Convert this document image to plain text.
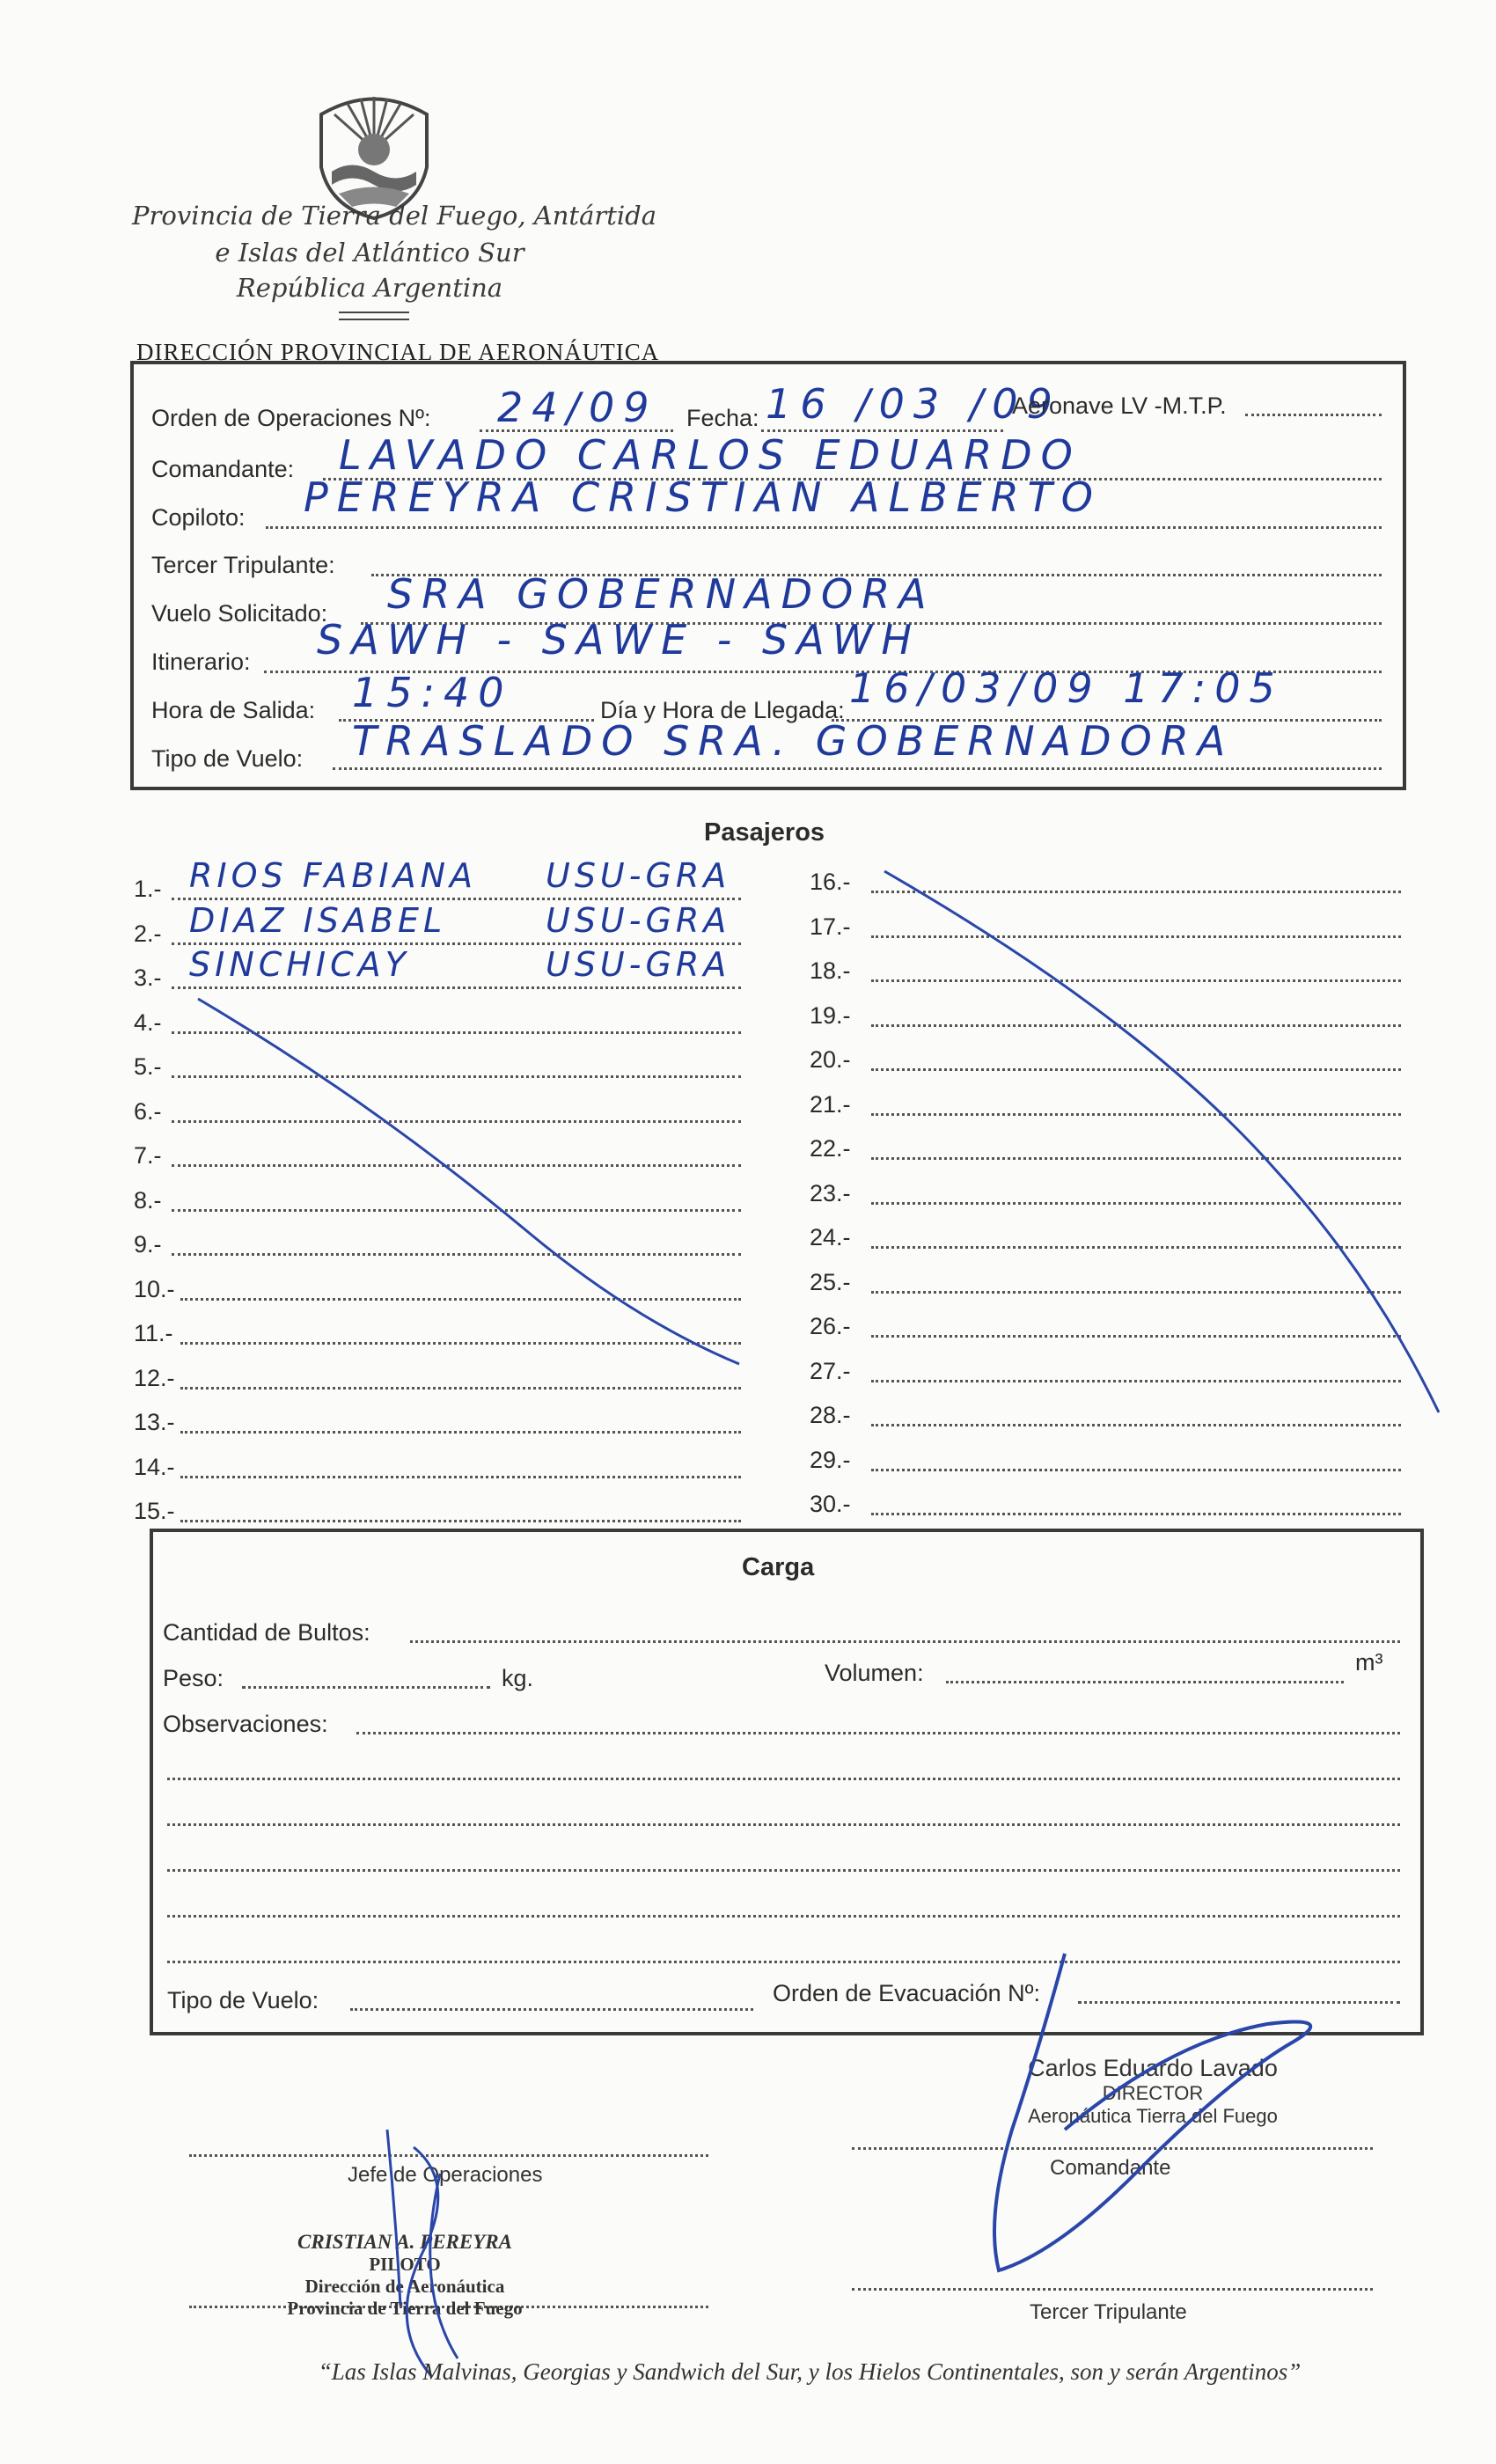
Provincia de Tierra del Fuego, Antártida
e Islas del Atlántico Sur
República Argentina
DIRECCIÓN PROVINCIAL DE AERONÁUTICA
Orden de Operaciones Nº: 24/09 Fecha: 16 /03 /09
Aeronave LV -M.T.P.
Comandante: LAVADO CARLOS EDUARDO
Copiloto: PEREYRA CRISTIAN ALBERTO
Tercer Tripulante:
Vuelo Solicitado: SRA GOBERNADORA
Itinerario: SAWH - SAWE - SAWH
Hora de Salida: 15:40	Día y Hora de Llegada: 16/03/09 17:05
Tipo de Vuelo: TRASLADO SRA. GOBERNADORA
Pasajeros
1.- RIOS FABIANA USU-GRA
2.- DIAZ ISABEL	USU-GRA
3.- SINCHICAY	USU-GRA
4.-
5.-
6.-
7.-
8.-
9.-
10.-
11.-
12.-
13.-
14.-
15.-
16.-
17.-
18.-
19.-
20.-
21.-
22.-
23.-
24.-
25.-
26.-
27.-
28.-
29.-
30.-
Carga
Cantidad de Bultos:
Peso:	kg.	Volumen:	m³
Observaciones:
Tipo de Vuelo:	Orden de Evacuación Nº:
Jefe de Operaciones	Comandante
Tercer Tripulante
Carlos Eduardo Lavado
DIRECTOR
Aeronáutica Tierra del Fuego
CRISTIAN A. PEREYRA
PILOTO
Dirección de Aeronáutica
Provincia de Tierra del Fuego
“Las Islas Malvinas, Georgias y Sandwich del Sur, y los Hielos Continentales, son y serán Argentinos”
